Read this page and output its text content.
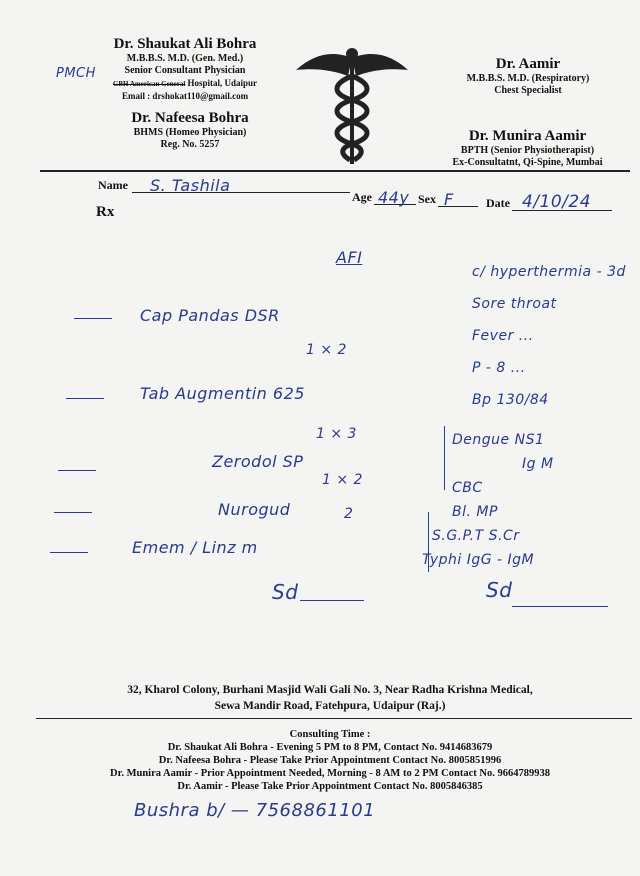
Dr. Shaukat Ali Bohra
M.B.B.S. M.D. (Gen. Med.)
Senior Consultant Physician
GBH American General Hospital, Udaipur
Email : drshokat110@gmail.com
PMCH
Dr. Nafeesa Bohra
BHMS (Homeo Physician)
Reg. No. 5257
Dr. Aamir
M.B.B.S. M.D. (Respiratory)
Chest Specialist
Dr. Munira Aamir
BPTH (Senior Physiotherapist)
Ex-Consultatnt, Qi-Spine, Mumbai
Name S. Tashila
Age 44y Sex F	Date 4/10/24
Rx
AFI
Cap Pandas DSR
1 × 2
Tab Augmentin 625
1 × 3
Zerodol SP
1 × 2
Nurogud	2
Emem / Linz m
Sd
c/ hyperthermia - 3d
Sore throat
Fever ...
P - 8 ...
Bp 130/84
Dengue NS1
Ig M
CBC
Bl. MP
S.G.P.T S.Cr
Typhi IgG - IgM
Sd
32, Kharol Colony, Burhani Masjid Wali Gali No. 3, Near Radha Krishna Medical,
Sewa Mandir Road, Fatehpura, Udaipur (Raj.)
Consulting Time :
Dr. Shaukat Ali Bohra - Evening 5 PM to 8 PM, Contact No. 9414683679
Dr. Nafeesa Bohra - Please Take Prior Appointment Contact No. 8005851996
Dr. Munira Aamir - Prior Appointment Needed, Morning - 8 AM to 2 PM Contact No. 9664789938
Dr. Aamir - Please Take Prior Appointment Contact No. 8005846385
Bushra b/ — 7568861101
